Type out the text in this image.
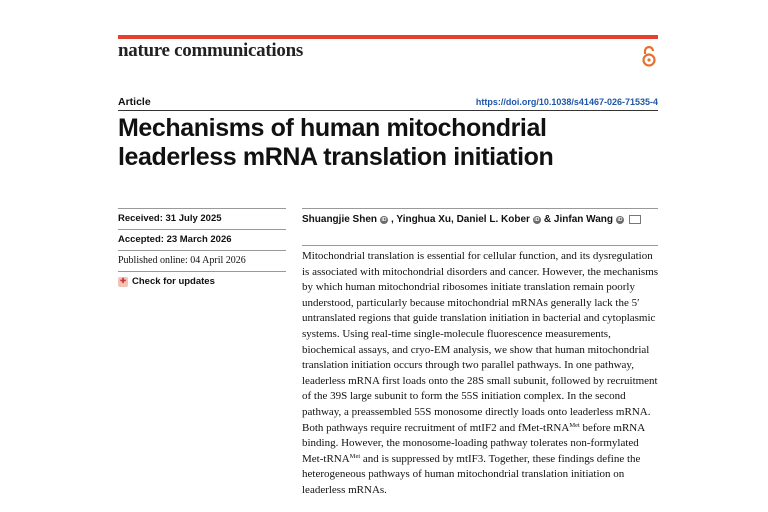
nature communications
Article	https://doi.org/10.1038/s41467-026-71535-4
Mechanisms of human mitochondrial
leaderless mRNA translation initiation
Received: 31 July 2025
Accepted: 23 March 2026
Published online: 04 April 2026
✚ Check for updates
Shuangjie Shen iD , Yinghua Xu, Daniel L. Kober iD & Jinfan Wang iD
Mitochondrial translation is essential for cellular function, and its dysregulation is associated with mitochondrial disorders and cancer. However, the mechanisms by which human mitochondrial ribosomes initiate translation remain poorly understood, particularly because mitochondrial mRNAs generally lack the 5′ untranslated regions that guide translation initiation in bacterial and cytoplasmic systems. Using real-time single-molecule fluorescence measurements, biochemical assays, and cryo-EM analysis, we show that human mitochondrial translation initiation occurs through two parallel pathways. In one pathway, leaderless mRNA first loads onto the 28S small subunit, followed by recruitment of the 39S large subunit to form the 55S initiation complex. In the second pathway, a preassembled 55S monosome directly loads onto leaderless mRNA. Both pathways require recruitment of mtIF2 and fMet-tRNA$^{Met}$ before mRNA binding. However, the monosome-loading pathway tolerates non-formylated Met-tRNA$^{Met}$ and is suppressed by mtIF3. Together, these findings define the heterogeneous pathways of human mitochondrial translation initiation on leaderless mRNAs.
